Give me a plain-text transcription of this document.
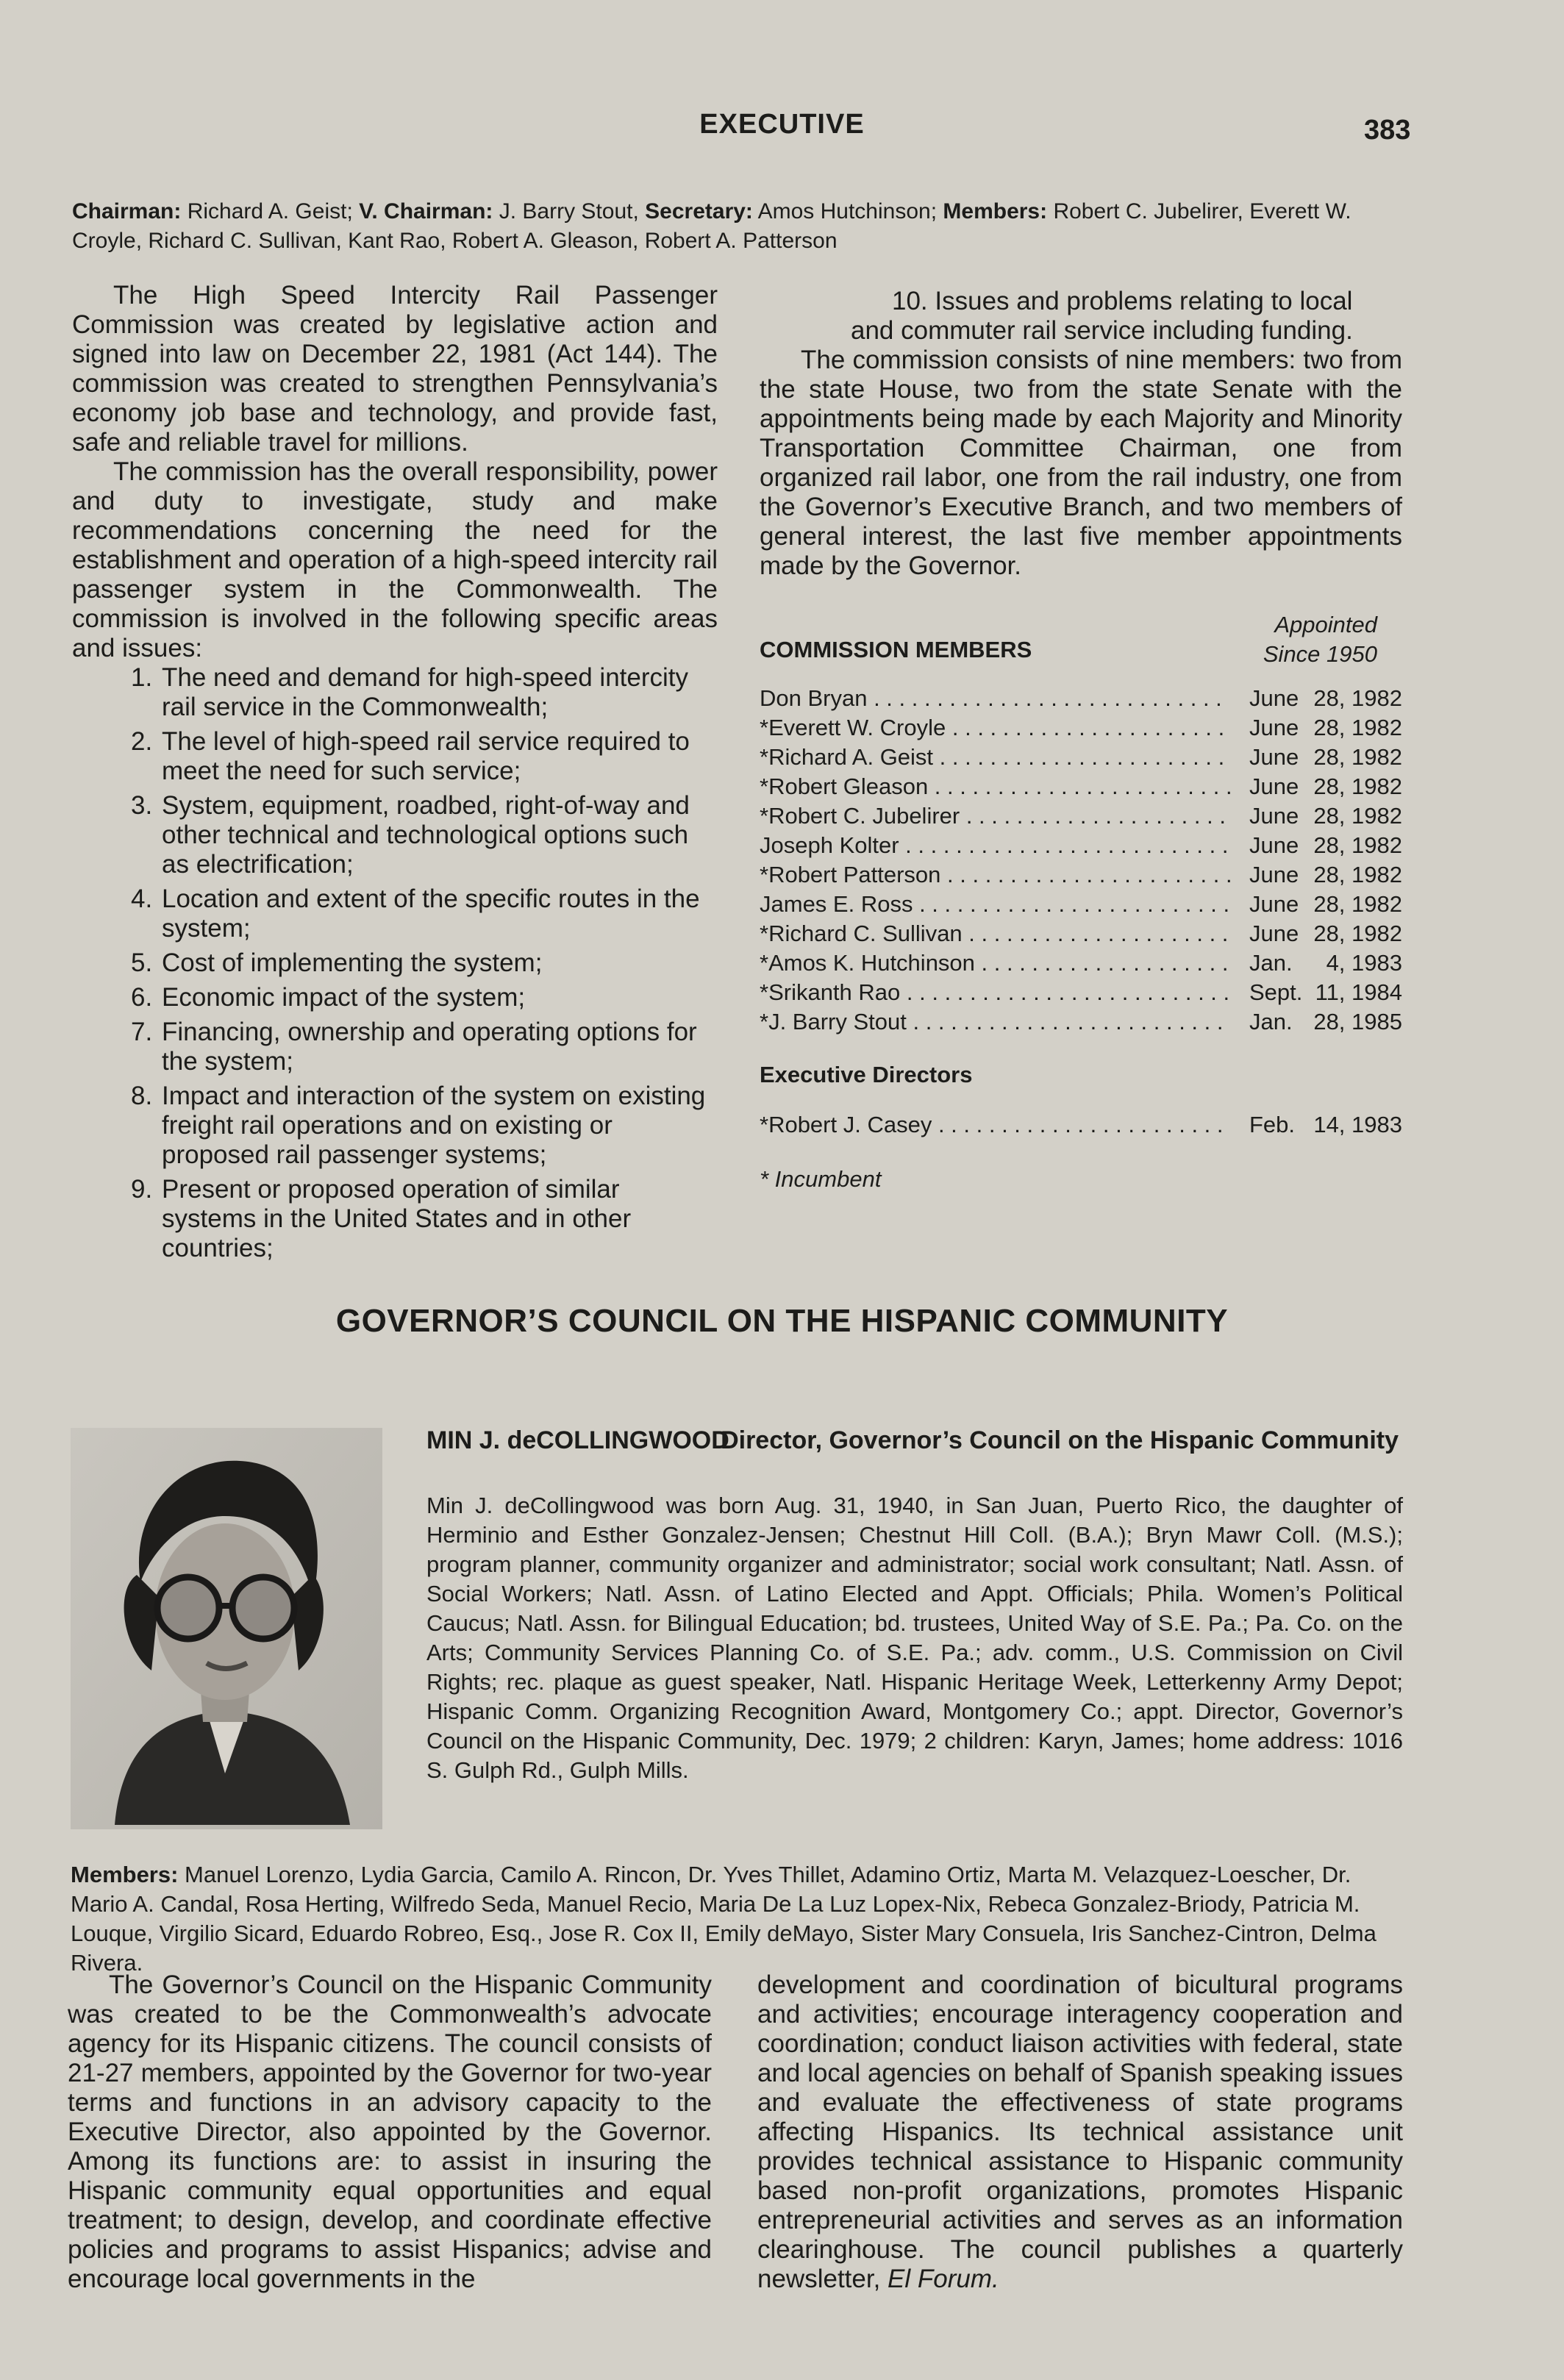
EXECUTIVE	383
Chairman: Richard A. Geist; V. Chairman: J. Barry Stout, Secretary: Amos Hutchinson; Members: Robert C. Jubelirer, Everett W. Croyle, Richard C. Sullivan, Kant Rao, Robert A. Gleason, Robert A. Patterson

The High Speed Intercity Rail Passenger Commission was created by legislative action and signed into law on December 22, 1981 (Act 144). The commission was created to strengthen Pennsylvania’s economy job base and technology, and provide fast, safe and reliable travel for millions.

The commission has the overall responsibility, power and duty to investigate, study and make recommendations concerning the need for the establishment and operation of a high-speed intercity rail passenger system in the Commonwealth. The commission is involved in the following specific areas and issues:

1. The need and demand for high-speed intercity rail service in the Commonwealth;
2. The level of high-speed rail service required to meet the need for such service;
3. System, equipment, roadbed, right-of-way and other technical and technological options such as electrification;
4. Location and extent of the specific routes in the system;
5. Cost of implementing the system;
6. Economic impact of the system;
7. Financing, ownership and operating options for the system;
8. Impact and interaction of the system on existing freight rail operations and on existing or proposed rail passenger systems;
9. Present or proposed operation of similar systems in the United States and in other countries;

10. Issues and problems relating to local and commuter rail service including funding.

The commission consists of nine members: two from the state House, two from the state Senate with the appointments being made by each Majority and Minority Transportation Committee Chairman, one from organized rail labor, one from the rail industry, one from the Governor’s Executive Branch, and two members of general interest, the last five member appointments made by the Governor.

COMMISSION MEMBERS
Appointed
Since 1950
Don Bryan . . .	June 28, 1982
*Everett W. Croyle . . .	June 28, 1982
*Richard A. Geist . . .	June 28, 1982
*Robert Gleason . . .	June 28, 1982
*Robert C. Jubelirer . . .	June 28, 1982
Joseph Kolter . . .	June 28, 1982
*Robert Patterson . . .	June 28, 1982
James E. Ross . . .	June 28, 1982
*Richard C. Sullivan . . .	June 28, 1982
*Amos K. Hutchinson . . .	Jan.	4, 1983
*Srikanth Rao . . .	Sept. 11, 1984
*J. Barry Stout . . .	Jan. 28, 1985
Executive Directors
*Robert J. Casey . . .	Feb. 14, 1983
* Incumbent
GOVERNOR’S COUNCIL ON THE HISPANIC COMMUNITY
MIN J. deCOLLINGWOOD
Director, Governor’s Council on the Hispanic Community
Min J. deCollingwood was born Aug. 31, 1940, in San Juan, Puerto Rico, the daughter of Herminio and Esther Gonzalez-Jensen; Chestnut Hill Coll. (B.A.); Bryn Mawr Coll. (M.S.); program planner, community organizer and administrator; social work consultant; Natl. Assn. of Social Workers; Natl. Assn. of Latino Elected and Appt. Officials; Phila. Women’s Political Caucus; Natl. Assn. for Bilingual Education; bd. trustees, United Way of S.E. Pa.; Pa. Co. on the Arts; Community Services Planning Co. of S.E. Pa.; adv. comm., U.S. Commission on Civil Rights; rec. plaque as guest speaker, Natl. Hispanic Heritage Week, Letterkenny Army Depot; Hispanic Comm. Organizing Recognition Award, Montgomery Co.; appt. Director, Governor’s Council on the Hispanic Community, Dec. 1979; 2 children: Karyn, James; home address: 1016 S. Gulph Rd., Gulph Mills.
Members: Manuel Lorenzo, Lydia Garcia, Camilo A. Rincon, Dr. Yves Thillet, Adamino Ortiz, Marta M. Velazquez-Loescher, Dr. Mario A. Candal, Rosa Herting, Wilfredo Seda, Manuel Recio, Maria De La Luz Lopex-Nix, Rebeca Gonzalez-Briody, Patricia M. Louque, Virgilio Sicard, Eduardo Robreo, Esq., Jose R. Cox II, Emily deMayo, Sister Mary Consuela, Iris Sanchez-Cintron, Delma Rivera.

The Governor’s Council on the Hispanic Community was created to be the Commonwealth’s advocate agency for its Hispanic citizens. The council consists of 21-27 members, appointed by the Governor for two-year terms and functions in an advisory capacity to the Executive Director, also appointed by the Governor. Among its functions are: to assist in insuring the Hispanic community equal opportunities and equal treatment; to design, develop, and coordinate effective policies and programs to assist Hispanics; advise and encourage local governments in the

development and coordination of bicultural programs and activities; encourage interagency cooperation and coordination; conduct liaison activities with federal, state and local agencies on behalf of Spanish speaking issues and evaluate the effectiveness of state programs affecting Hispanics. Its technical assistance unit provides technical assistance to Hispanic community based non-profit organizations, promotes Hispanic entrepreneurial activities and serves as an information clearinghouse. The council publishes a quarterly newsletter, El Forum.
